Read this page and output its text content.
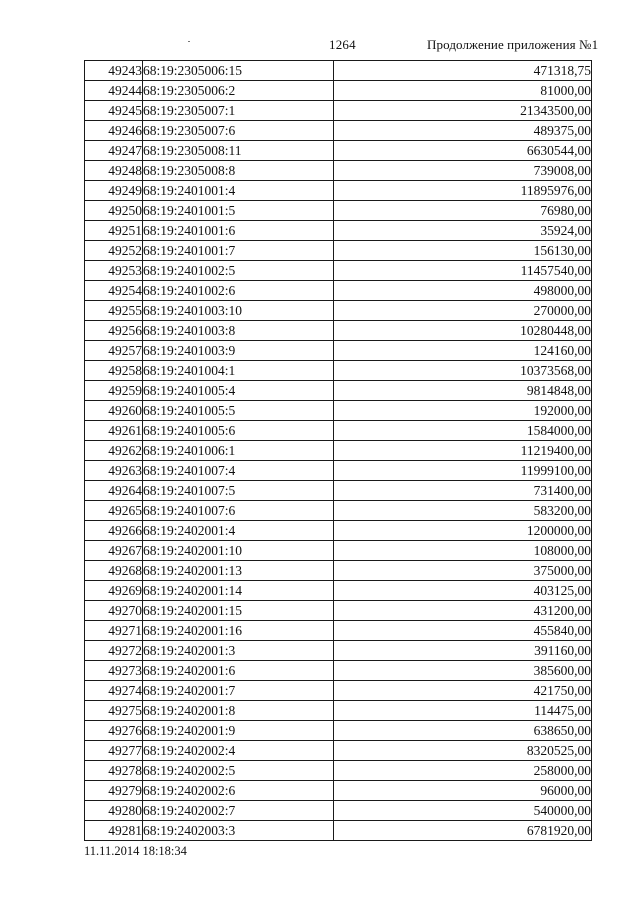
1264	Продолжение приложения №1
49243	68:19:2305006:15	471318,75
49244	68:19:2305006:2	81000,00
49245	68:19:2305007:1	21343500,00
49246	68:19:2305007:6	489375,00
49247	68:19:2305008:11	6630544,00
49248	68:19:2305008:8	739008,00
49249	68:19:2401001:4	11895976,00
49250	68:19:2401001:5	76980,00
49251	68:19:2401001:6	35924,00
49252	68:19:2401001:7	156130,00
49253	68:19:2401002:5	11457540,00
49254	68:19:2401002:6	498000,00
49255	68:19:2401003:10	270000,00
49256	68:19:2401003:8	10280448,00
49257	68:19:2401003:9	124160,00
49258	68:19:2401004:1	10373568,00
49259	68:19:2401005:4	9814848,00
49260	68:19:2401005:5	192000,00
49261	68:19:2401005:6	1584000,00
49262	68:19:2401006:1	11219400,00
49263	68:19:2401007:4	11999100,00
49264	68:19:2401007:5	731400,00
49265	68:19:2401007:6	583200,00
49266	68:19:2402001:4	1200000,00
49267	68:19:2402001:10	108000,00
49268	68:19:2402001:13	375000,00
49269	68:19:2402001:14	403125,00
49270	68:19:2402001:15	431200,00
49271	68:19:2402001:16	455840,00
49272	68:19:2402001:3	391160,00
49273	68:19:2402001:6	385600,00
49274	68:19:2402001:7	421750,00
49275	68:19:2402001:8	114475,00
49276	68:19:2402001:9	638650,00
49277	68:19:2402002:4	8320525,00
49278	68:19:2402002:5	258000,00
49279	68:19:2402002:6	96000,00
49280	68:19:2402002:7	540000,00
49281	68:19:2402003:3	6781920,00
11.11.2014 18:18:34
